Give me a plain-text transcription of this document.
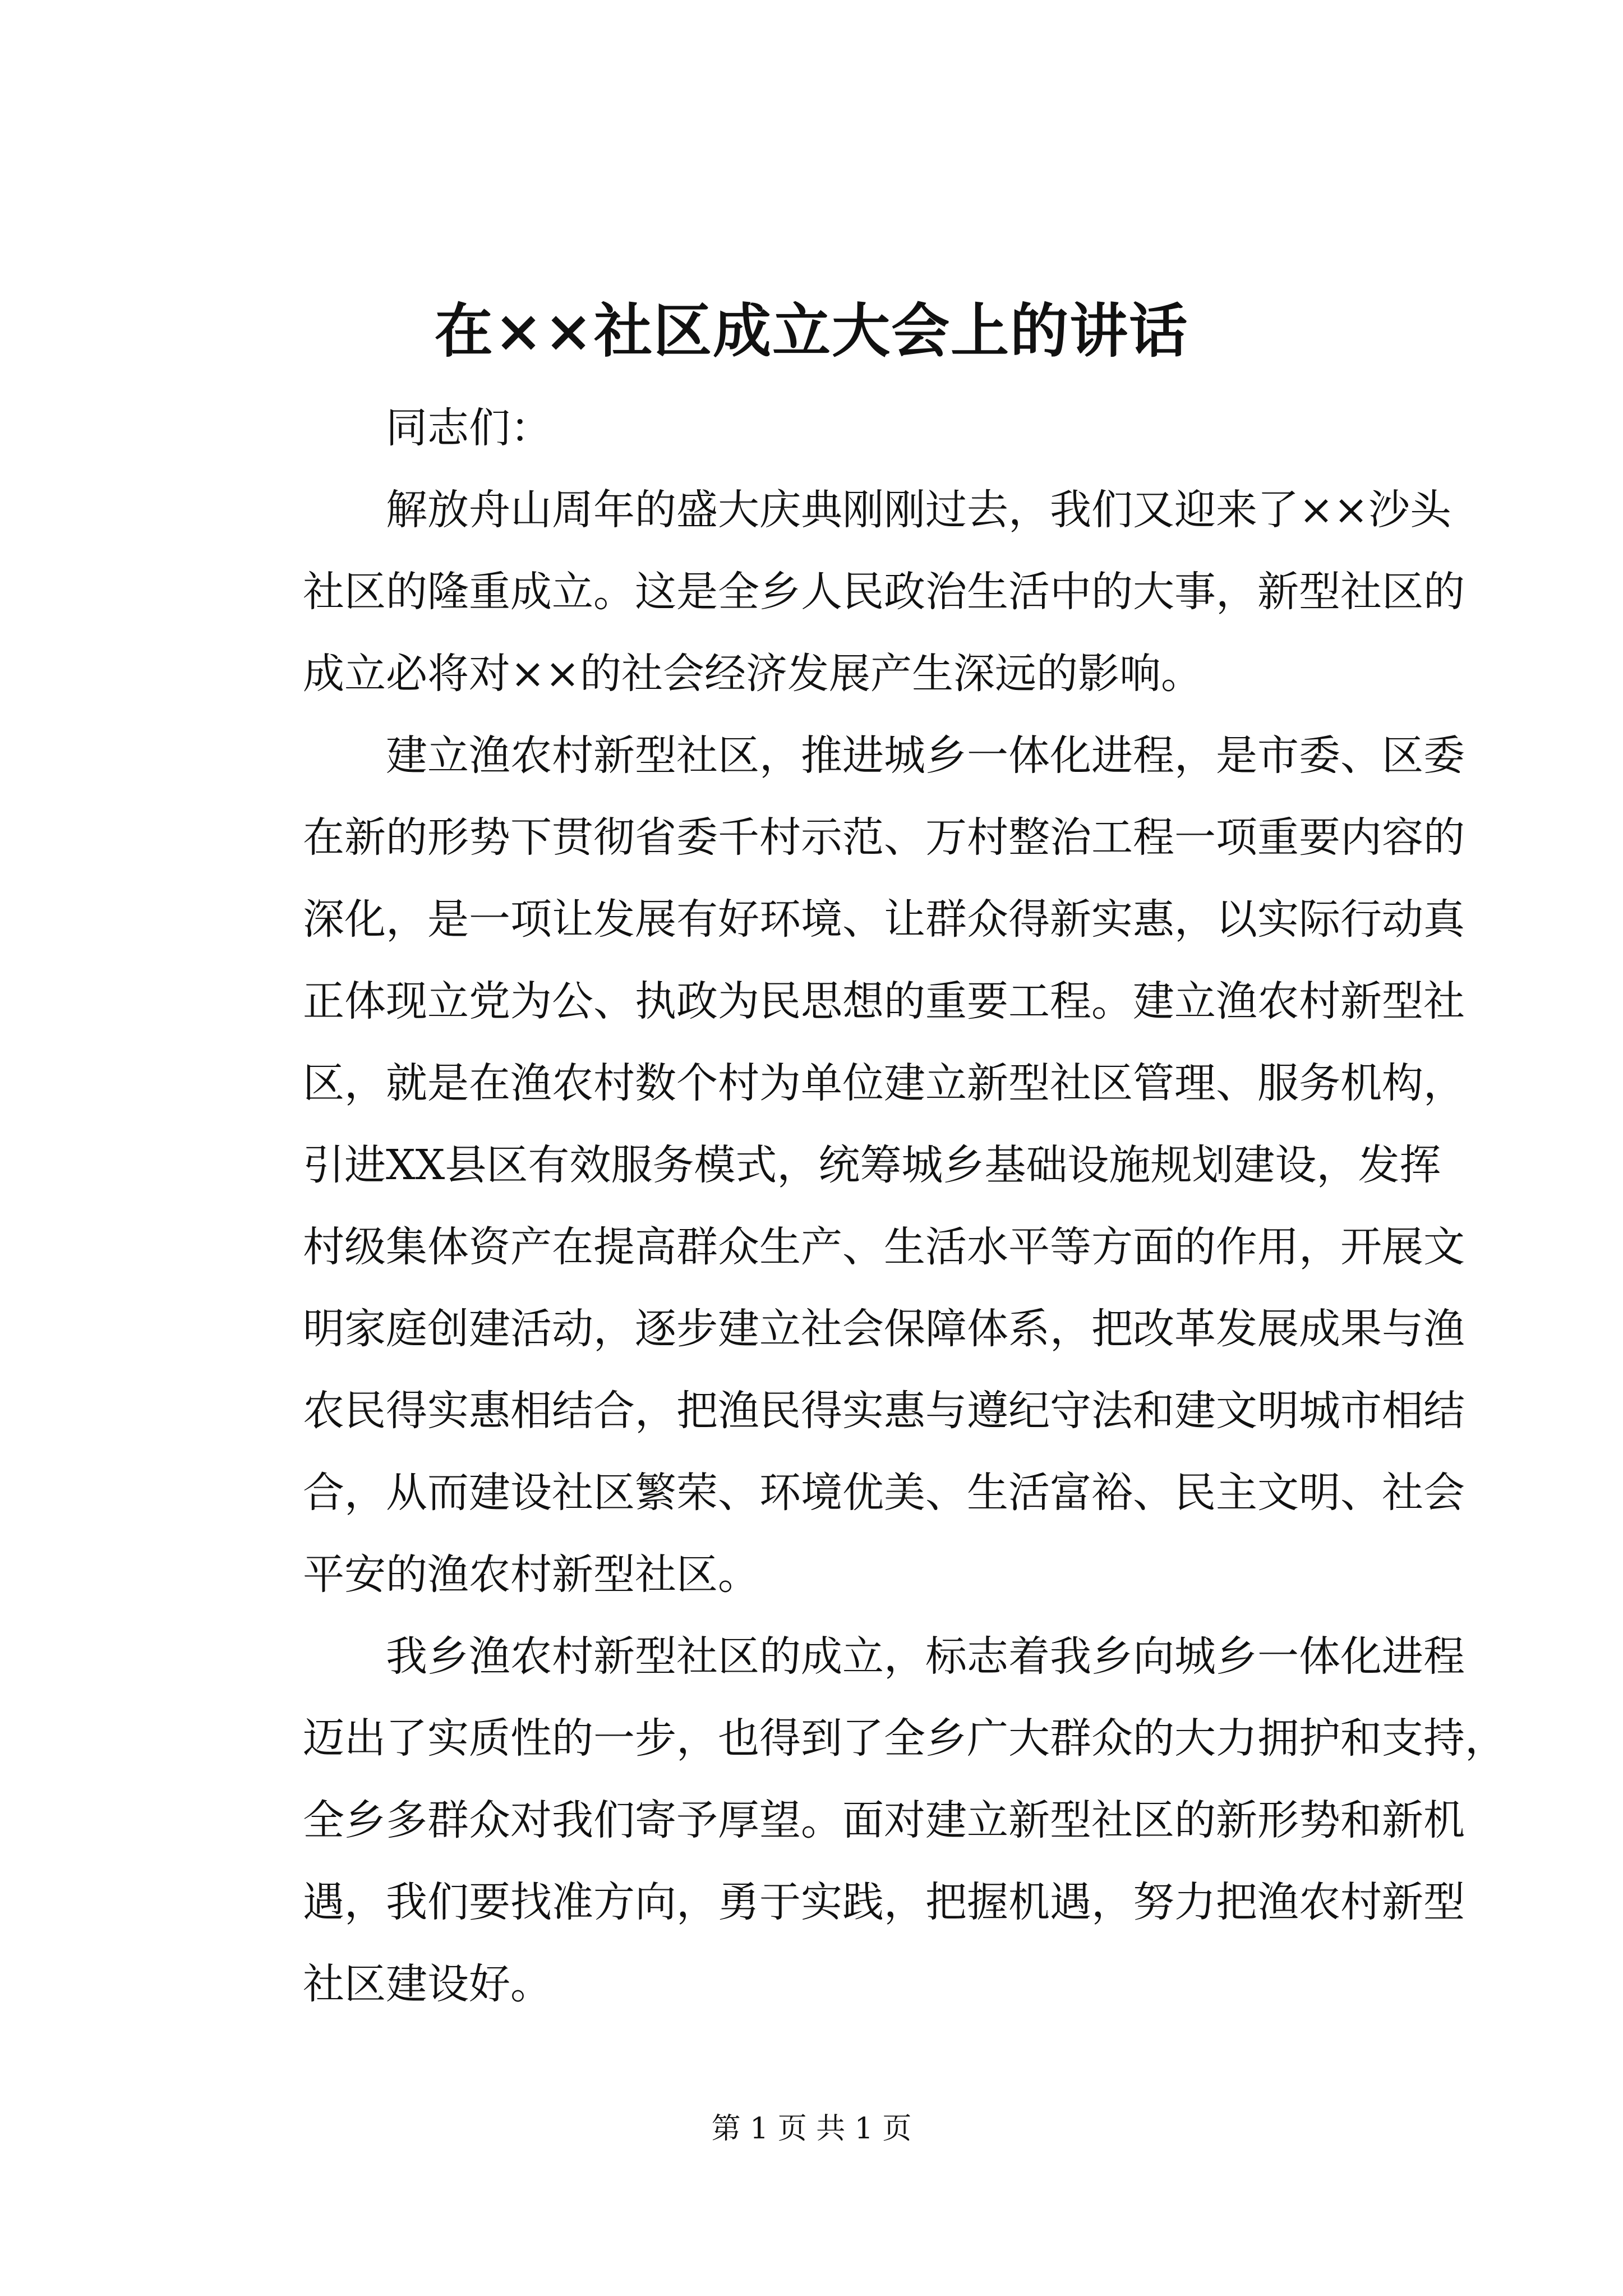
在××社区成立大会上的讲话

同志们：

解放舟山周年的盛大庆典刚刚过去，我们又迎来了××沙头
社区的隆重成立。这是全乡人民政治生活中的大事，新型社区的
成立必将对××的社会经济发展产生深远的影响。
建立渔农村新型社区，推进城乡一体化进程，是市委、区委
在新的形势下贯彻省委千村示范、万村整治工程一项重要内容的
深化，是一项让发展有好环境、让群众得新实惠，以实际行动真
正体现立党为公、执政为民思想的重要工程。建立渔农村新型社
区，就是在渔农村数个村为单位建立新型社区管理、服务机构，
引进XX县区有效服务模式，统筹城乡基础设施规划建设，发挥
村级集体资产在提高群众生产、生活水平等方面的作用，开展文
明家庭创建活动，逐步建立社会保障体系，把改革发展成果与渔
农民得实惠相结合，把渔民得实惠与遵纪守法和建文明城市相结
合，从而建设社区繁荣、环境优美、生活富裕、民主文明、社会
平安的渔农村新型社区。
我乡渔农村新型社区的成立，标志着我乡向城乡一体化进程
迈出了实质性的一步，也得到了全乡广大群众的大力拥护和支持，
全乡多群众对我们寄予厚望。面对建立新型社区的新形势和新机
遇，我们要找准方向，勇于实践，把握机遇，努力把渔农村新型
社区建设好。

第 1 页 共 1 页
